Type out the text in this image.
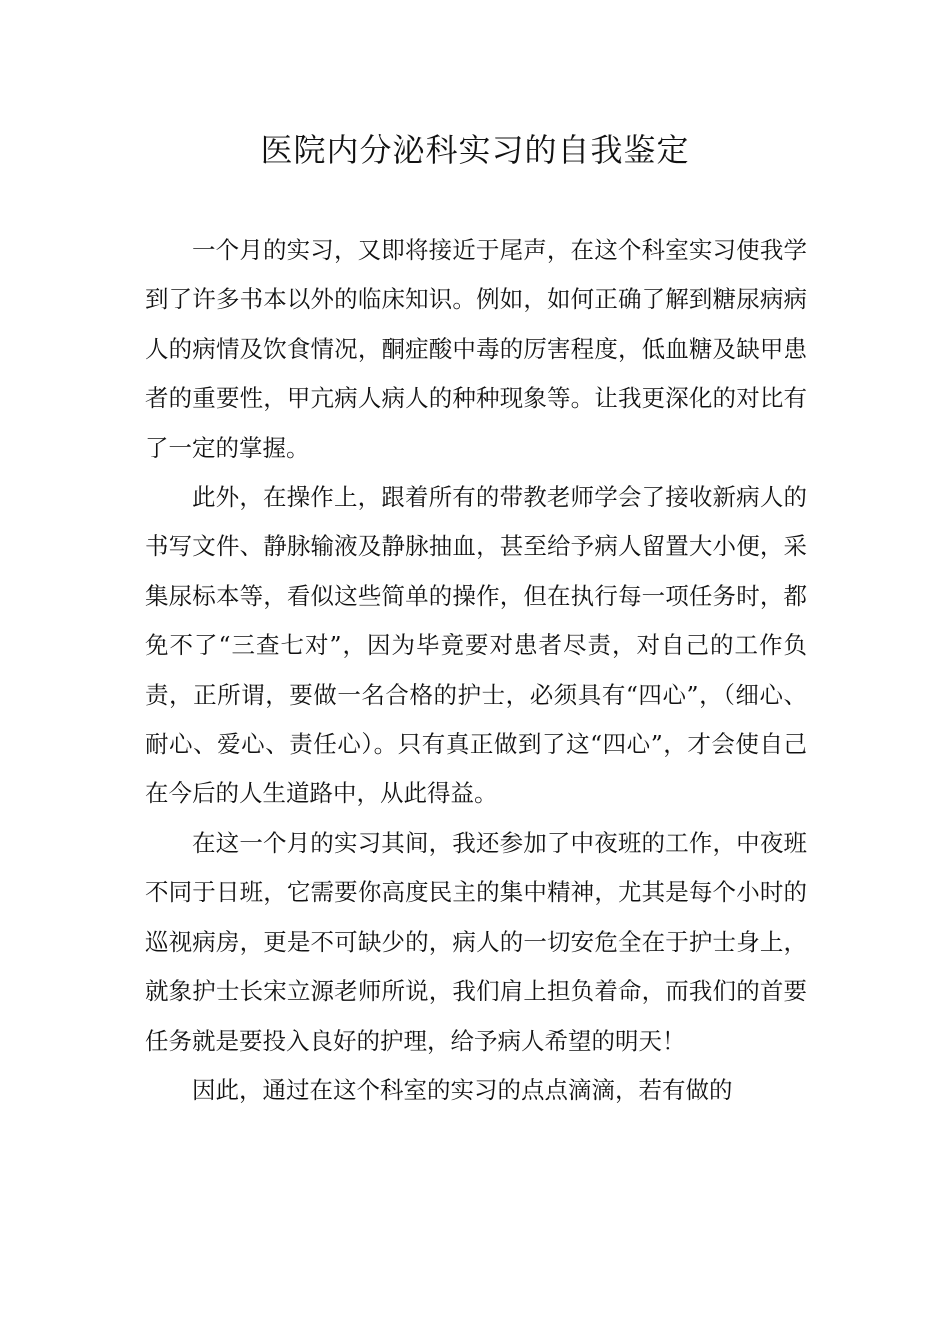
医院内分泌科实习的自我鉴定

一个月的实习，又即将接近于尾声，在这个科室实习使我学到了许多书本以外的临床知识。例如，如何正确了解到糖尿病病人的病情及饮食情况，酮症酸中毒的厉害程度，低血糖及缺甲患者的重要性，甲亢病人病人的种种现象等。让我更深化的对比有了一定的掌握。

此外，在操作上，跟着所有的带教老师学会了接收新病人的书写文件、静脉输液及静脉抽血，甚至给予病人留置大小便，采集尿标本等，看似这些简单的操作，但在执行每一项任务时，都免不了“三查七对”，因为毕竟要对患者尽责，对自己的工作负责，正所谓，要做一名合格的护士，必须具有“四心”，（细心、耐心、爱心、责任心）。只有真正做到了这“四心”，才会使自己在今后的人生道路中，从此得益。

在这一个月的实习其间，我还参加了中夜班的工作，中夜班不同于日班，它需要你高度民主的集中精神，尤其是每个小时的巡视病房，更是不可缺少的，病人的一切安危全在于护士身上，就象护士长宋立源老师所说，我们肩上担负着命，而我们的首要任务就是要投入良好的护理，给予病人希望的明天！

因此，通过在这个科室的实习的点点滴滴，若有做的
